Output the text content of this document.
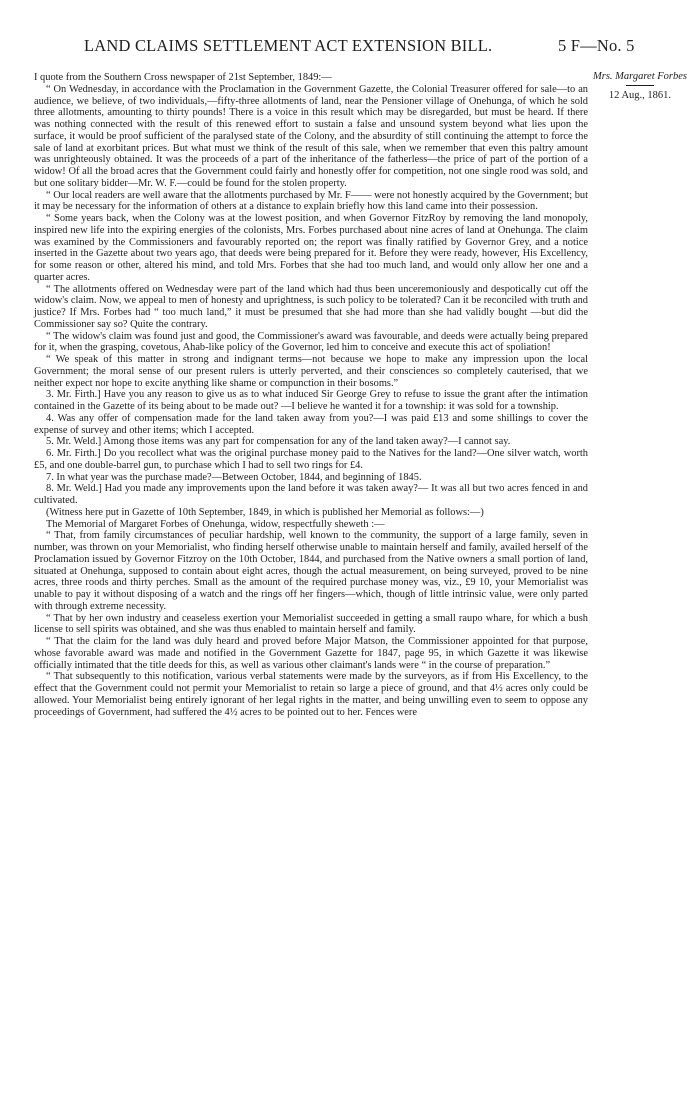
LAND CLAIMS SETTLEMENT ACT EXTENSION BILL.	5 F—No. 5
Mrs. Margaret Forbes
12 Aug., 1861.

I quote from the Southern Cross newspaper of 21st September, 1849:—

“ On Wednesday, in accordance with the Proclamation in the Government Gazette, the Colonial Treasurer offered for sale—to an audience, we believe, of two individuals,—fifty-three allotments of land, near the Pensioner village of Onehunga, of which he sold three allotments, amounting to thirty pounds! There is a voice in this result which may be disregarded, but must be heard. If there was nothing connected with the result of this renewed effort to sustain a false and unsound system beyond what lies upon the surface, it would be proof sufficient of the paralysed state of the Colony, and the absurdity of still continuing the attempt to force the sale of land at exorbitant prices. But what must we think of the result of this sale, when we remember that even this paltry amount was unrighteously obtained. It was the proceeds of a part of the inheritance of the fatherless—the price of part of the portion of a widow! Of all the broad acres that the Government could fairly and honestly offer for competition, not one single rood was sold, and but one solitary bidder—Mr. W. F.—could be found for the stolen property.

“ Our local readers are well aware that the allotments purchased by Mr. F—— were not honestly acquired by the Government; but it may be necessary for the information of others at a distance to explain briefly how this land came into their possession.

“ Some years back, when the Colony was at the lowest position, and when Governor FitzRoy by removing the land monopoly, inspired new life into the expiring energies of the colonists, Mrs. Forbes purchased about nine acres of land at Onehunga. The claim was examined by the Commissioners and favourably reported on; the report was finally ratified by Governor Grey, and a notice inserted in the Gazette about two years ago, that deeds were being prepared for it. Before they were ready, however, His Excellency, for some reason or other, altered his mind, and told Mrs. Forbes that she had too much land, and would only allow her one and a quarter acres.

“ The allotments offered on Wednesday were part of the land which had thus been unceremoniously and despotically cut off the widow's claim. Now, we appeal to men of honesty and uprightness, is such policy to be tolerated? Can it be reconciled with truth and justice? If Mrs. Forbes had “ too much land,” it must be presumed that she had more than she had validly bought —but did the Commissioner say so? Quite the contrary.

“ The widow's claim was found just and good, the Commissioner's award was favourable, and deeds were actually being prepared for it, when the grasping, covetous, Ahab-like policy of the Governor, led him to conceive and execute this act of spoliation!

“ We speak of this matter in strong and indignant terms—not because we hope to make any impression upon the local Government; the moral sense of our present rulers is utterly perverted, and their consciences so completely cauterised, that we neither expect nor hope to excite anything like shame or compunction in their bosoms.”

3. Mr. Firth.] Have you any reason to give us as to what induced Sir George Grey to refuse to issue the grant after the intimation contained in the Gazette of its being about to be made out? —I believe he wanted it for a township: it was sold for a township.

4. Was any offer of compensation made for the land taken away from you?—I was paid £13 and some shillings to cover the expense of survey and other items; which I accepted.

5. Mr. Weld.] Among those items was any part for compensation for any of the land taken away?—I cannot say.

6. Mr. Firth.] Do you recollect what was the original purchase money paid to the Natives for the land?—One silver watch, worth £5, and one double-barrel gun, to purchase which I had to sell two rings for £4.

7. In what year was the purchase made?—Between October, 1844, and beginning of 1845.

8. Mr. Weld.] Had you made any improvements upon the land before it was taken away?— It was all but two acres fenced in and cultivated.

(Witness here put in Gazette of 10th September, 1849, in which is published her Memorial as follows:—)

The Memorial of Margaret Forbes of Onehunga, widow, respectfully sheweth :—

“ That, from family circumstances of peculiar hardship, well known to the community, the support of a large family, seven in number, was thrown on your Memorialist, who finding herself otherwise unable to maintain herself and family, availed herself of the Proclamation issued by Governor Fitzroy on the 10th October, 1844, and purchased from the Native owners a small portion of land, situated at Onehunga, supposed to contain about eight acres, though the actual measurement, on being surveyed, proved to be nine acres, three roods and thirty perches. Small as the amount of the required purchase money was, viz., £9 10, your Memorialist was unable to pay it without disposing of a watch and the rings off her fingers—which, though of little intrinsic value, were only parted with through extreme necessity.

“ That by her own industry and ceaseless exertion your Memorialist succeeded in getting a small raupo whare, for which a bush license to sell spirits was obtained, and she was thus enabled to maintain herself and family.

“ That the claim for the land was duly heard and proved before Major Matson, the Commissioner appointed for that purpose, whose favorable award was made and notified in the Government Gazette for 1847, page 95, in which Gazette it was likewise officially intimated that the title deeds for this, as well as various other claimant's lands were “ in the course of preparation.”

“ That subsequently to this notification, various verbal statements were made by the surveyors, as if from His Excellency, to the effect that the Government could not permit your Memorialist to retain so large a piece of ground, and that 4½ acres only could be allowed. Your Memorialist being entirely ignorant of her legal rights in the matter, and being unwilling even to seem to oppose any proceedings of Government, had suffered the 4½ acres to be pointed out to her. Fences were
